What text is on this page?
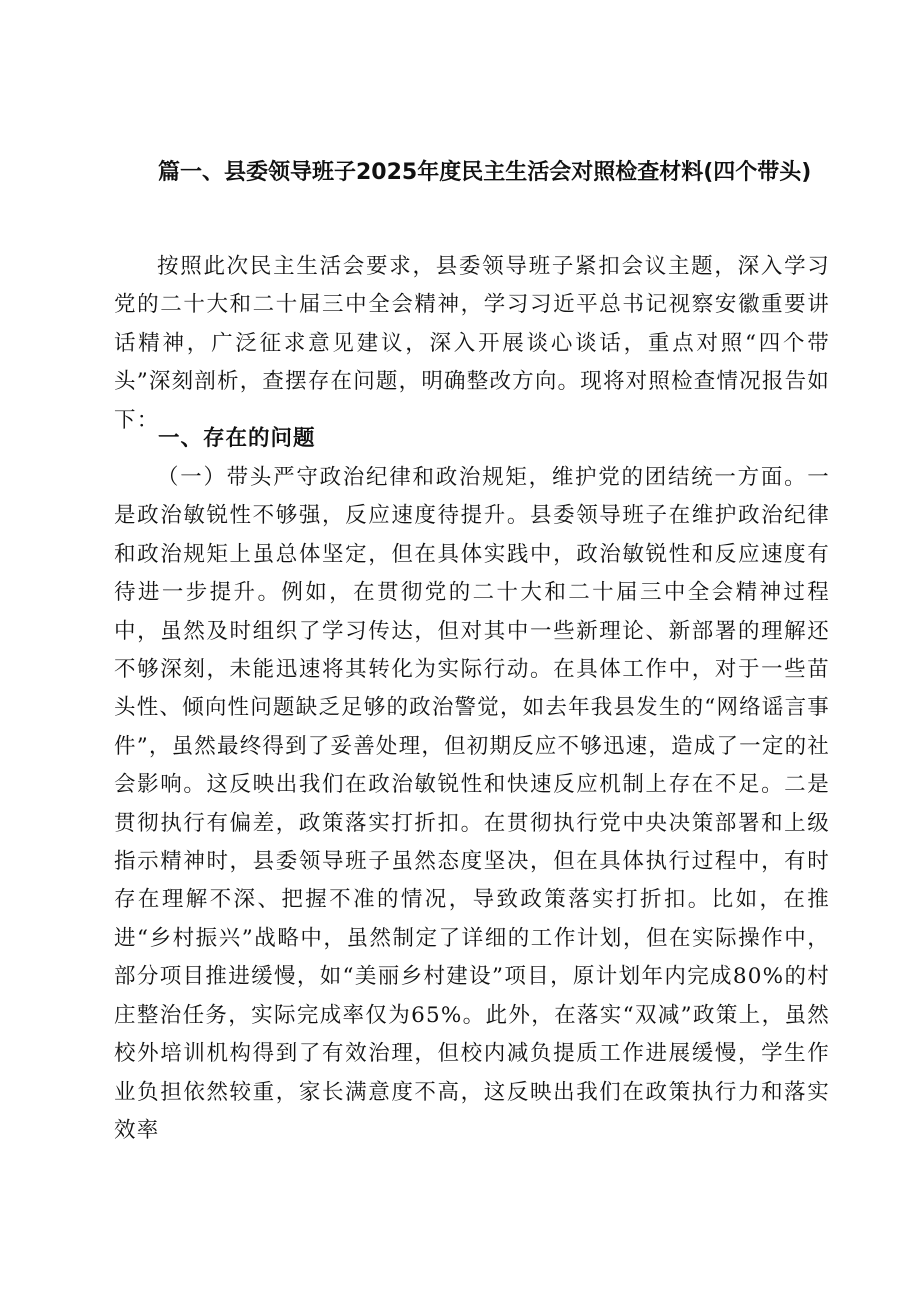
篇一、县委领导班子2025年度民主生活会对照检查材料(四个带头)

按照此次民主生活会要求，县委领导班子紧扣会议主题，深入学习党的二十大和二十届三中全会精神，学习习近平总书记视察安徽重要讲话精神，广泛征求意见建议，深入开展谈心谈话，重点对照“四个带头”深刻剖析，查摆存在问题，明确整改方向。现将对照检查情况报告如下：

一、存在的问题

（一）带头严守政治纪律和政治规矩，维护党的团结统一方面。一是政治敏锐性不够强，反应速度待提升。县委领导班子在维护政治纪律和政治规矩上虽总体坚定，但在具体实践中，政治敏锐性和反应速度有待进一步提升。例如，在贯彻党的二十大和二十届三中全会精神过程中，虽然及时组织了学习传达，但对其中一些新理论、新部署的理解还不够深刻，未能迅速将其转化为实际行动。在具体工作中，对于一些苗头性、倾向性问题缺乏足够的政治警觉，如去年我县发生的“网络谣言事件”，虽然最终得到了妥善处理，但初期反应不够迅速，造成了一定的社会影响。这反映出我们在政治敏锐性和快速反应机制上存在不足。二是贯彻执行有偏差，政策落实打折扣。在贯彻执行党中央决策部署和上级指示精神时，县委领导班子虽然态度坚决，但在具体执行过程中，有时存在理解不深、把握不准的情况，导致政策落实打折扣。比如，在推进“乡村振兴”战略中，虽然制定了详细的工作计划，但在实际操作中，部分项目推进缓慢，如“美丽乡村建设”项目，原计划年内完成80%的村庄整治任务，实际完成率仅为65%。此外，在落实“双减”政策上，虽然校外培训机构得到了有效治理，但校内减负提质工作进展缓慢，学生作业负担依然较重，家长满意度不高，这反映出我们在政策执行力和落实效率
